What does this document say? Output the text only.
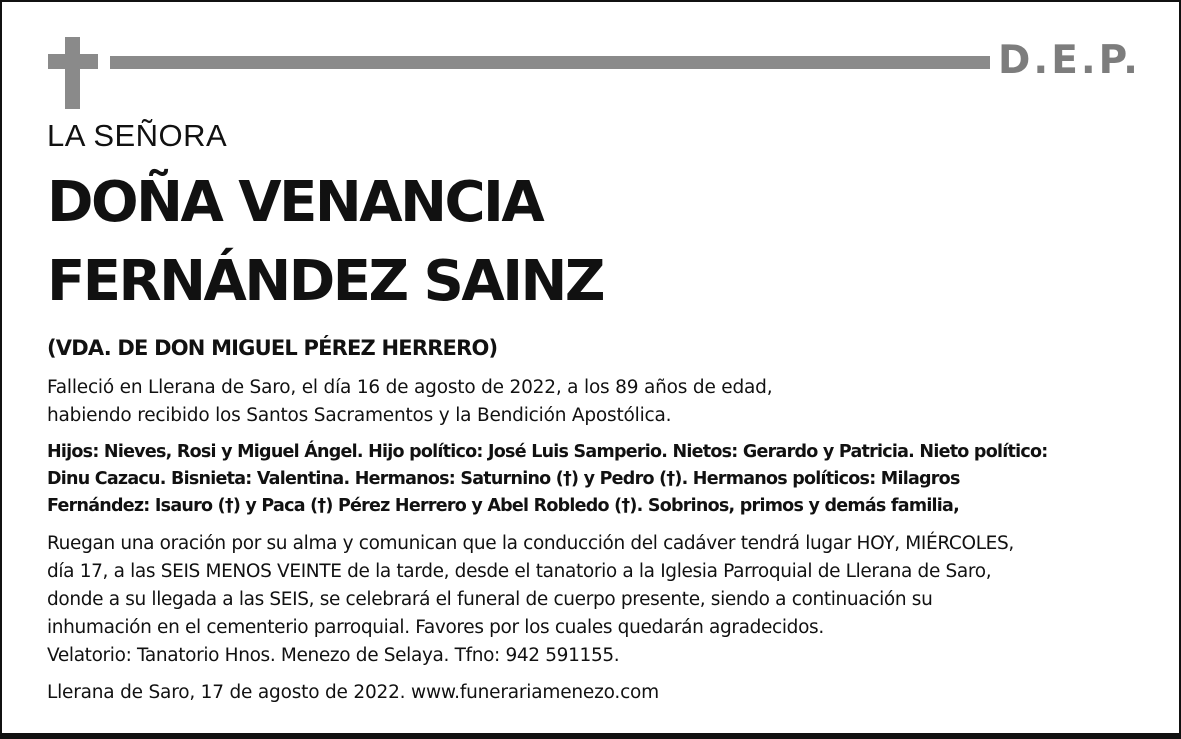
D.E.P.
LA SEÑORA
DOÑA VENANCIA
FERNÁNDEZ SAINZ
(VDA. DE DON MIGUEL PÉREZ HERRERO)
Falleció en Llerana de Saro, el día 16 de agosto de 2022, a los 89 años de edad,
habiendo recibido los Santos Sacramentos y la Bendición Apostólica.
Hijos: Nieves, Rosi y Miguel Ángel. Hijo político: José Luis Samperio. Nietos: Gerardo y Patricia. Nieto político:
Dinu Cazacu. Bisnieta: Valentina. Hermanos: Saturnino (†) y Pedro (†). Hermanos políticos: Milagros
Fernández: Isauro (†) y Paca (†) Pérez Herrero y Abel Robledo (†). Sobrinos, primos y demás familia,
Ruegan una oración por su alma y comunican que la conducción del cadáver tendrá lugar HOY, MIÉRCOLES,
día 17, a las SEIS MENOS VEINTE de la tarde, desde el tanatorio a la Iglesia Parroquial de Llerana de Saro,
donde a su llegada a las SEIS, se celebrará el funeral de cuerpo presente, siendo a continuación su
inhumación en el cementerio parroquial. Favores por los cuales quedarán agradecidos.
Velatorio: Tanatorio Hnos. Menezo de Selaya. Tfno: 942 591155.
Llerana de Saro, 17 de agosto de 2022. www.funerariamenezo.com
